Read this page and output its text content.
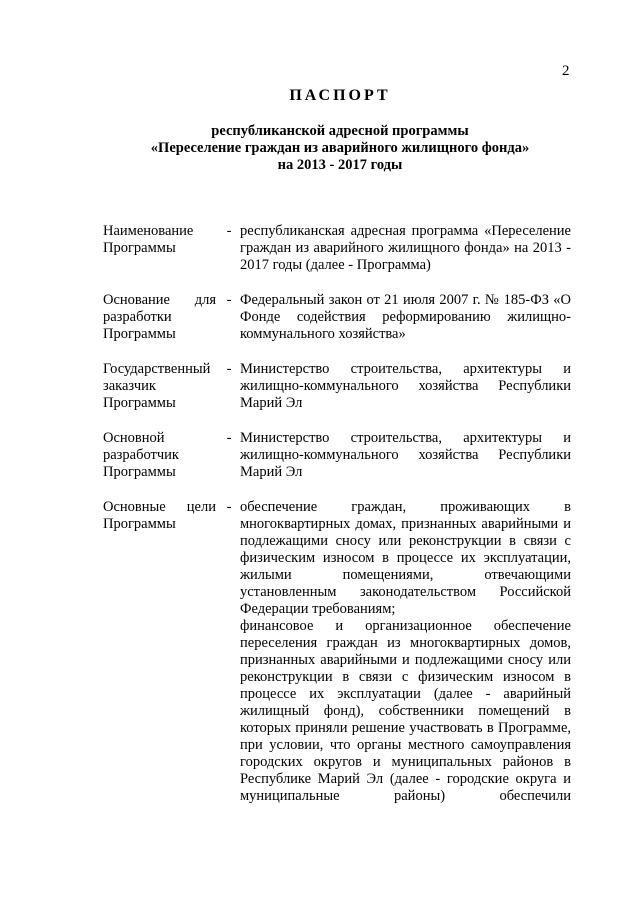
2
ПАСПОРТ
республиканской адресной программы
«Переселение граждан из аварийного жилищного фонда»
на 2013 - 2017 годы
Наименование Программы
- республиканская адресная программа «Переселение граждан из аварийного жилищного фонда» на 2013 - 2017 годы (далее - Программа)

Основание для разработки Программы
- Федеральный закон от 21 июля 2007 г. № 185-ФЗ «О Фонде содействия реформированию жилищно-коммунального хозяйства»

Государственный заказчик Программы
- Министерство строительства, архитектуры и жилищно-коммунального хозяйства Республики Марий Эл

Основной разработчик Программы
- Министерство строительства, архитектуры и жилищно-коммунального хозяйства Республики Марий Эл

Основные цели Программы
- обеспечение граждан, проживающих в многоквартирных домах, признанных аварийными и подлежащими сносу или реконструкции в связи с физическим износом в процессе их эксплуатации, жилыми помещениями, отвечающими установленным законодательством Российской Федерации требованиям;

финансовое и организационное обеспечение переселения граждан из многоквартирных домов, признанных аварийными и подлежащими сносу или реконструкции в связи с физическим износом в процессе их эксплуатации (далее - аварийный жилищный фонд), собственники помещений в которых приняли решение участвовать в Программе, при условии, что органы местного самоуправления городских округов и муниципальных районов в Республике Марий Эл (далее - городские округа и муниципальные районы) обеспечили
